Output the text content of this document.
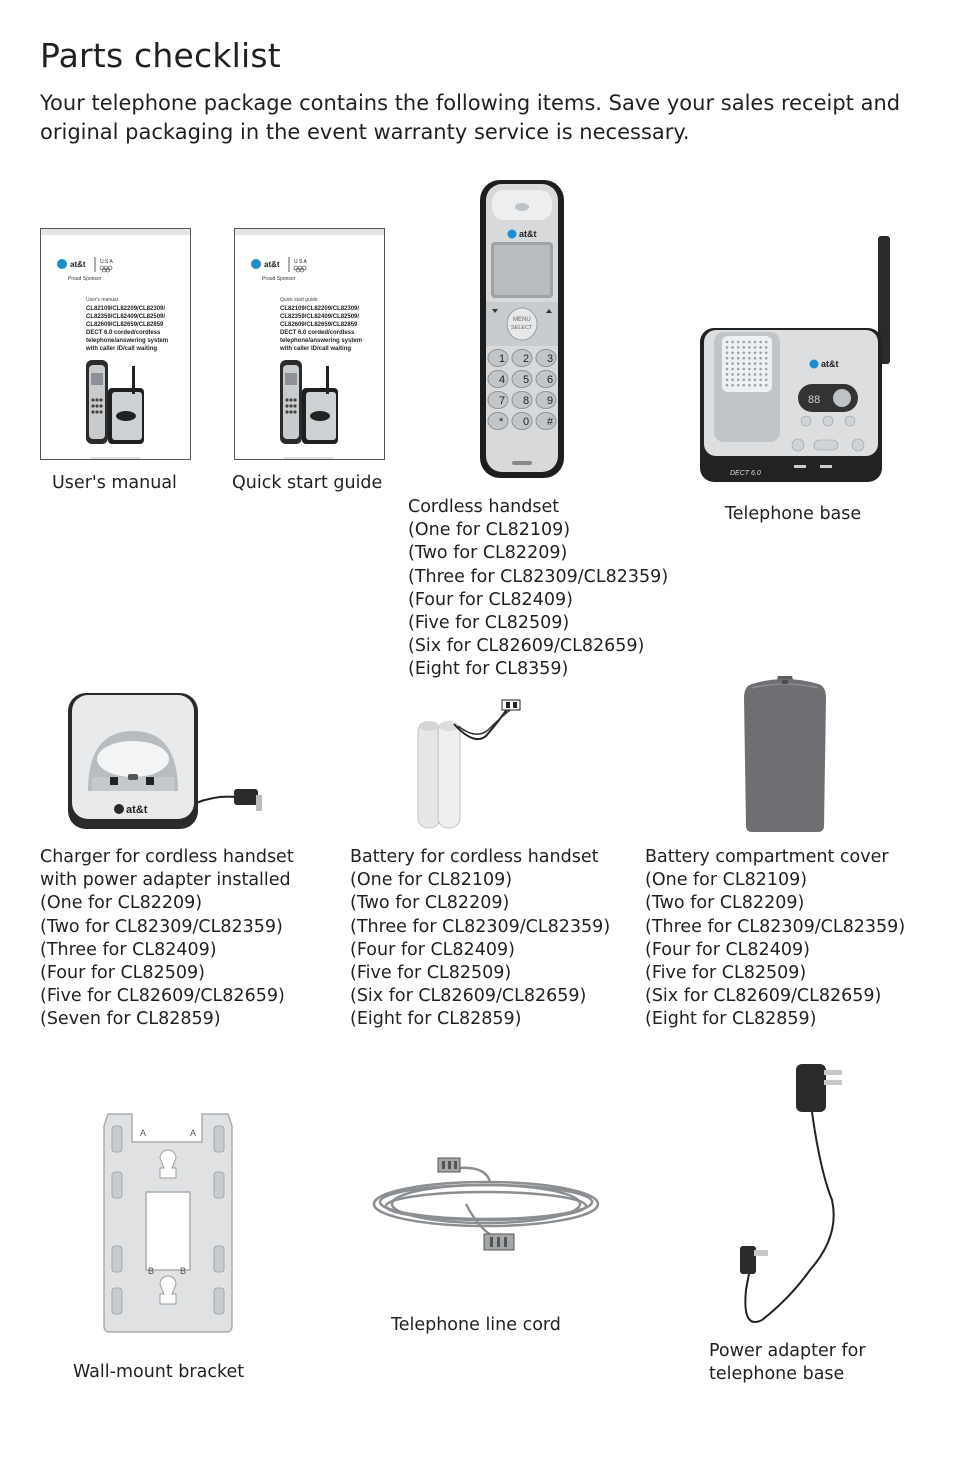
Parts checklist
Your telephone package contains the following items. Save your sales receipt and original packaging in the event warranty service is necessary.
at&t	U S A
Proud Sponsor
User's manual
CL82109/CL82209/CL82309/
CL82359/CL82409/CL82509/
CL82609/CL82659/CL82859
DECT 6.0 corded/cordless
telephone/answering system
with caller ID/call waiting
User's manual
at&t	U S A
Proud Sponsor
Quick start guide
CL82109/CL82209/CL82309/
CL82359/CL82409/CL82509/
CL82609/CL82659/CL82859
DECT 6.0 corded/cordless
telephone/answering system
with caller ID/call waiting
Quick start guide
at&t
MENU
SELECT
1 2 3
4 5 6
7 8 9
* 0 #
Cordless handset
(One for CL82109)
(Two for CL82209)
(Three for CL82309/CL82359)
(Four for CL82409)
(Five for CL82509)
(Six for CL82609/CL82659)
(Eight for CL8359)
at&t
88
DECT 6.0
Telephone base
at&t
Charger for cordless handset
with power adapter installed
(One for CL82209)
(Two for CL82309/CL82359)
(Three for CL82409)
(Four for CL82509)
(Five for CL82609/CL82659)
(Seven for CL82859)
Battery for cordless handset
(One for CL82109)
(Two for CL82209)
(Three for CL82309/CL82359)
(Four for CL82409)
(Five for CL82509)
(Six for CL82609/CL82659)
(Eight for CL82859)
Battery compartment cover
(One for CL82109)
(Two for CL82209)
(Three for CL82309/CL82359)
(Four for CL82409)
(Five for CL82509)
(Six for CL82609/CL82659)
(Eight for CL82859)
A	A
B	B
Wall-mount bracket
Telephone line cord
Power adapter for
telephone base
